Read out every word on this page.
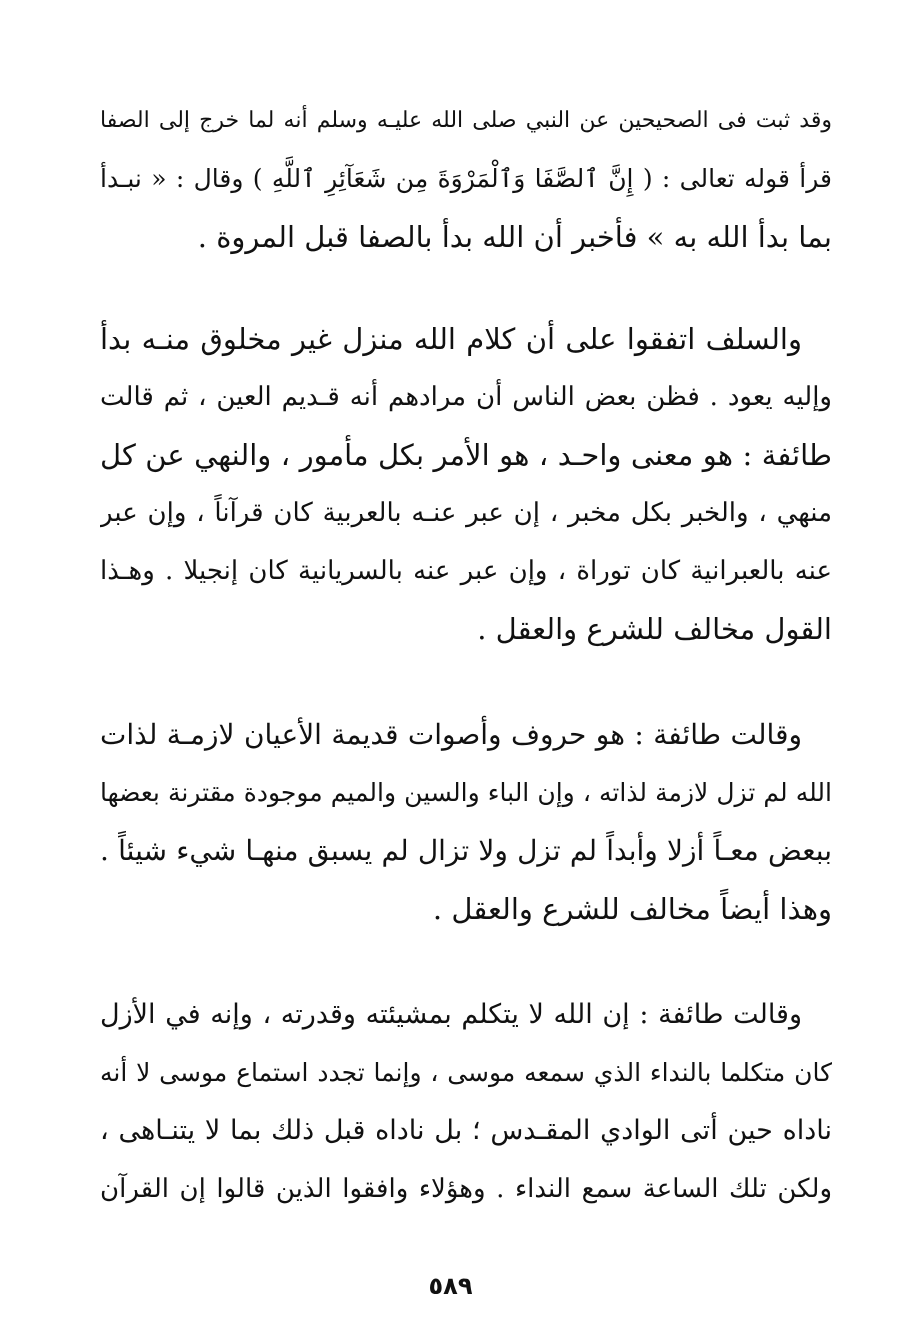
وقد ثبت فى الصحيحين عن النبي صلى الله عليـه وسلم أنه لما خرج إلى الصفا
قرأ قوله تعالى : ( إِنَّ ٱلصَّفَا وَٱلْمَرْوَةَ مِن شَعَآئِرِ ٱللَّهِ ) وقال : « نبـدأ
بما بدأ الله به » فأخبر أن الله بدأ بالصفا قبل المروة .
والسلف اتفقوا على أن كلام الله منزل غير مخلوق منـه بدأ
وإليه يعود . فظن بعض الناس أن مرادهم أنه قـديم العين ، ثم قالت
طائفة : هو معنى واحـد ، هو الأمر بكل مأمور ، والنهي عن كل
منهي ، والخبر بكل مخبر ، إن عبر عنـه بالعربية كان قرآناً ، وإن عبر
عنه بالعبرانية كان توراة ، وإن عبر عنه بالسريانية كان إنجيلا . وهـذا
القول مخالف للشرع والعقل .
وقالت طائفة : هو حروف وأصوات قديمة الأعيان لازمـة لذات
الله لم تزل لازمة لذاته ، وإن الباء والسين والميم موجودة مقترنة بعضها
ببعض معـاً أزلا وأبداً لم تزل ولا تزال لم يسبق منهـا شيء شيئاً .
وهذا أيضاً مخالف للشرع والعقل .
وقالت طائفة : إن الله لا يتكلم بمشيئته وقدرته ، وإنه في الأزل
كان متكلما بالنداء الذي سمعه موسى ، وإنما تجدد استماع موسى لا أنه
ناداه حين أتى الوادي المقـدس ؛ بل ناداه قبل ذلك بما لا يتنـاهى ،
ولكن تلك الساعة سمع النداء . وهؤلاء وافقوا الذين قالوا إن القرآن
٥٨٩
